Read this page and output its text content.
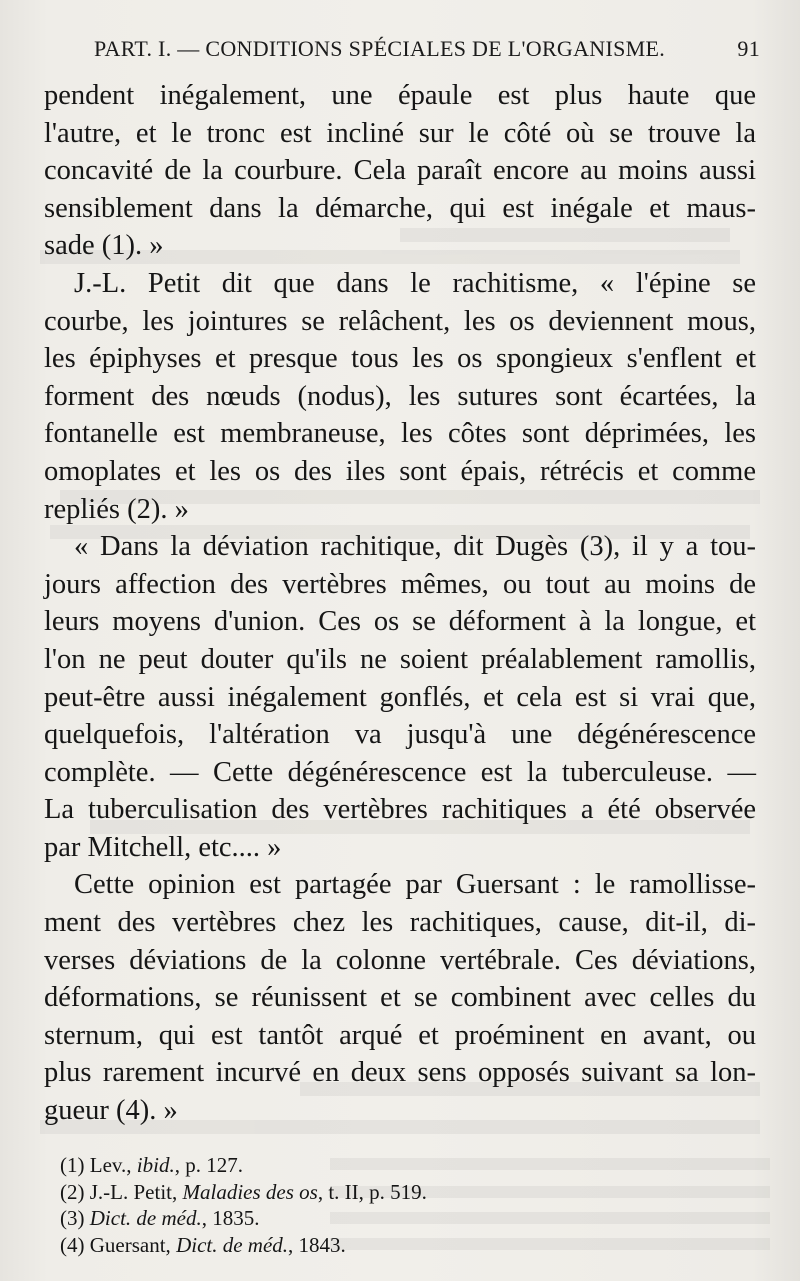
PART. I. — CONDITIONS SPÉCIALES DE L'ORGANISME.	91
pendent inégalement, une épaule est plus haute que
l'autre, et le tronc est incliné sur le côté où se trouve la
concavité de la courbure. Cela paraît encore au moins aussi
sensiblement dans la démarche, qui est inégale et maus-
sade (1). »
J.-L. Petit dit que dans le rachitisme, « l'épine se
courbe, les jointures se relâchent, les os deviennent mous,
les épiphyses et presque tous les os spongieux s'enflent et
forment des nœuds (nodus), les sutures sont écartées, la
fontanelle est membraneuse, les côtes sont déprimées, les
omoplates et les os des iles sont épais, rétrécis et comme
repliés (2). »
« Dans la déviation rachitique, dit Dugès (3), il y a tou-
jours affection des vertèbres mêmes, ou tout au moins de
leurs moyens d'union. Ces os se déforment à la longue, et
l'on ne peut douter qu'ils ne soient préalablement ramollis,
peut-être aussi inégalement gonflés, et cela est si vrai que,
quelquefois, l'altération va jusqu'à une dégénérescence
complète. — Cette dégénérescence est la tuberculeuse. —
La tuberculisation des vertèbres rachitiques a été observée
par Mitchell, etc.... »
Cette opinion est partagée par Guersant : le ramollisse-
ment des vertèbres chez les rachitiques, cause, dit-il, di-
verses déviations de la colonne vertébrale. Ces déviations,
déformations, se réunissent et se combinent avec celles du
sternum, qui est tantôt arqué et proéminent en avant, ou
plus rarement incurvé en deux sens opposés suivant sa lon-
gueur (4). »
(1) Lev., ibid., p. 127.
(2) J.-L. Petit, Maladies des os, t. II, p. 519.
(3) Dict. de méd., 1835.
(4) Guersant, Dict. de méd., 1843.
